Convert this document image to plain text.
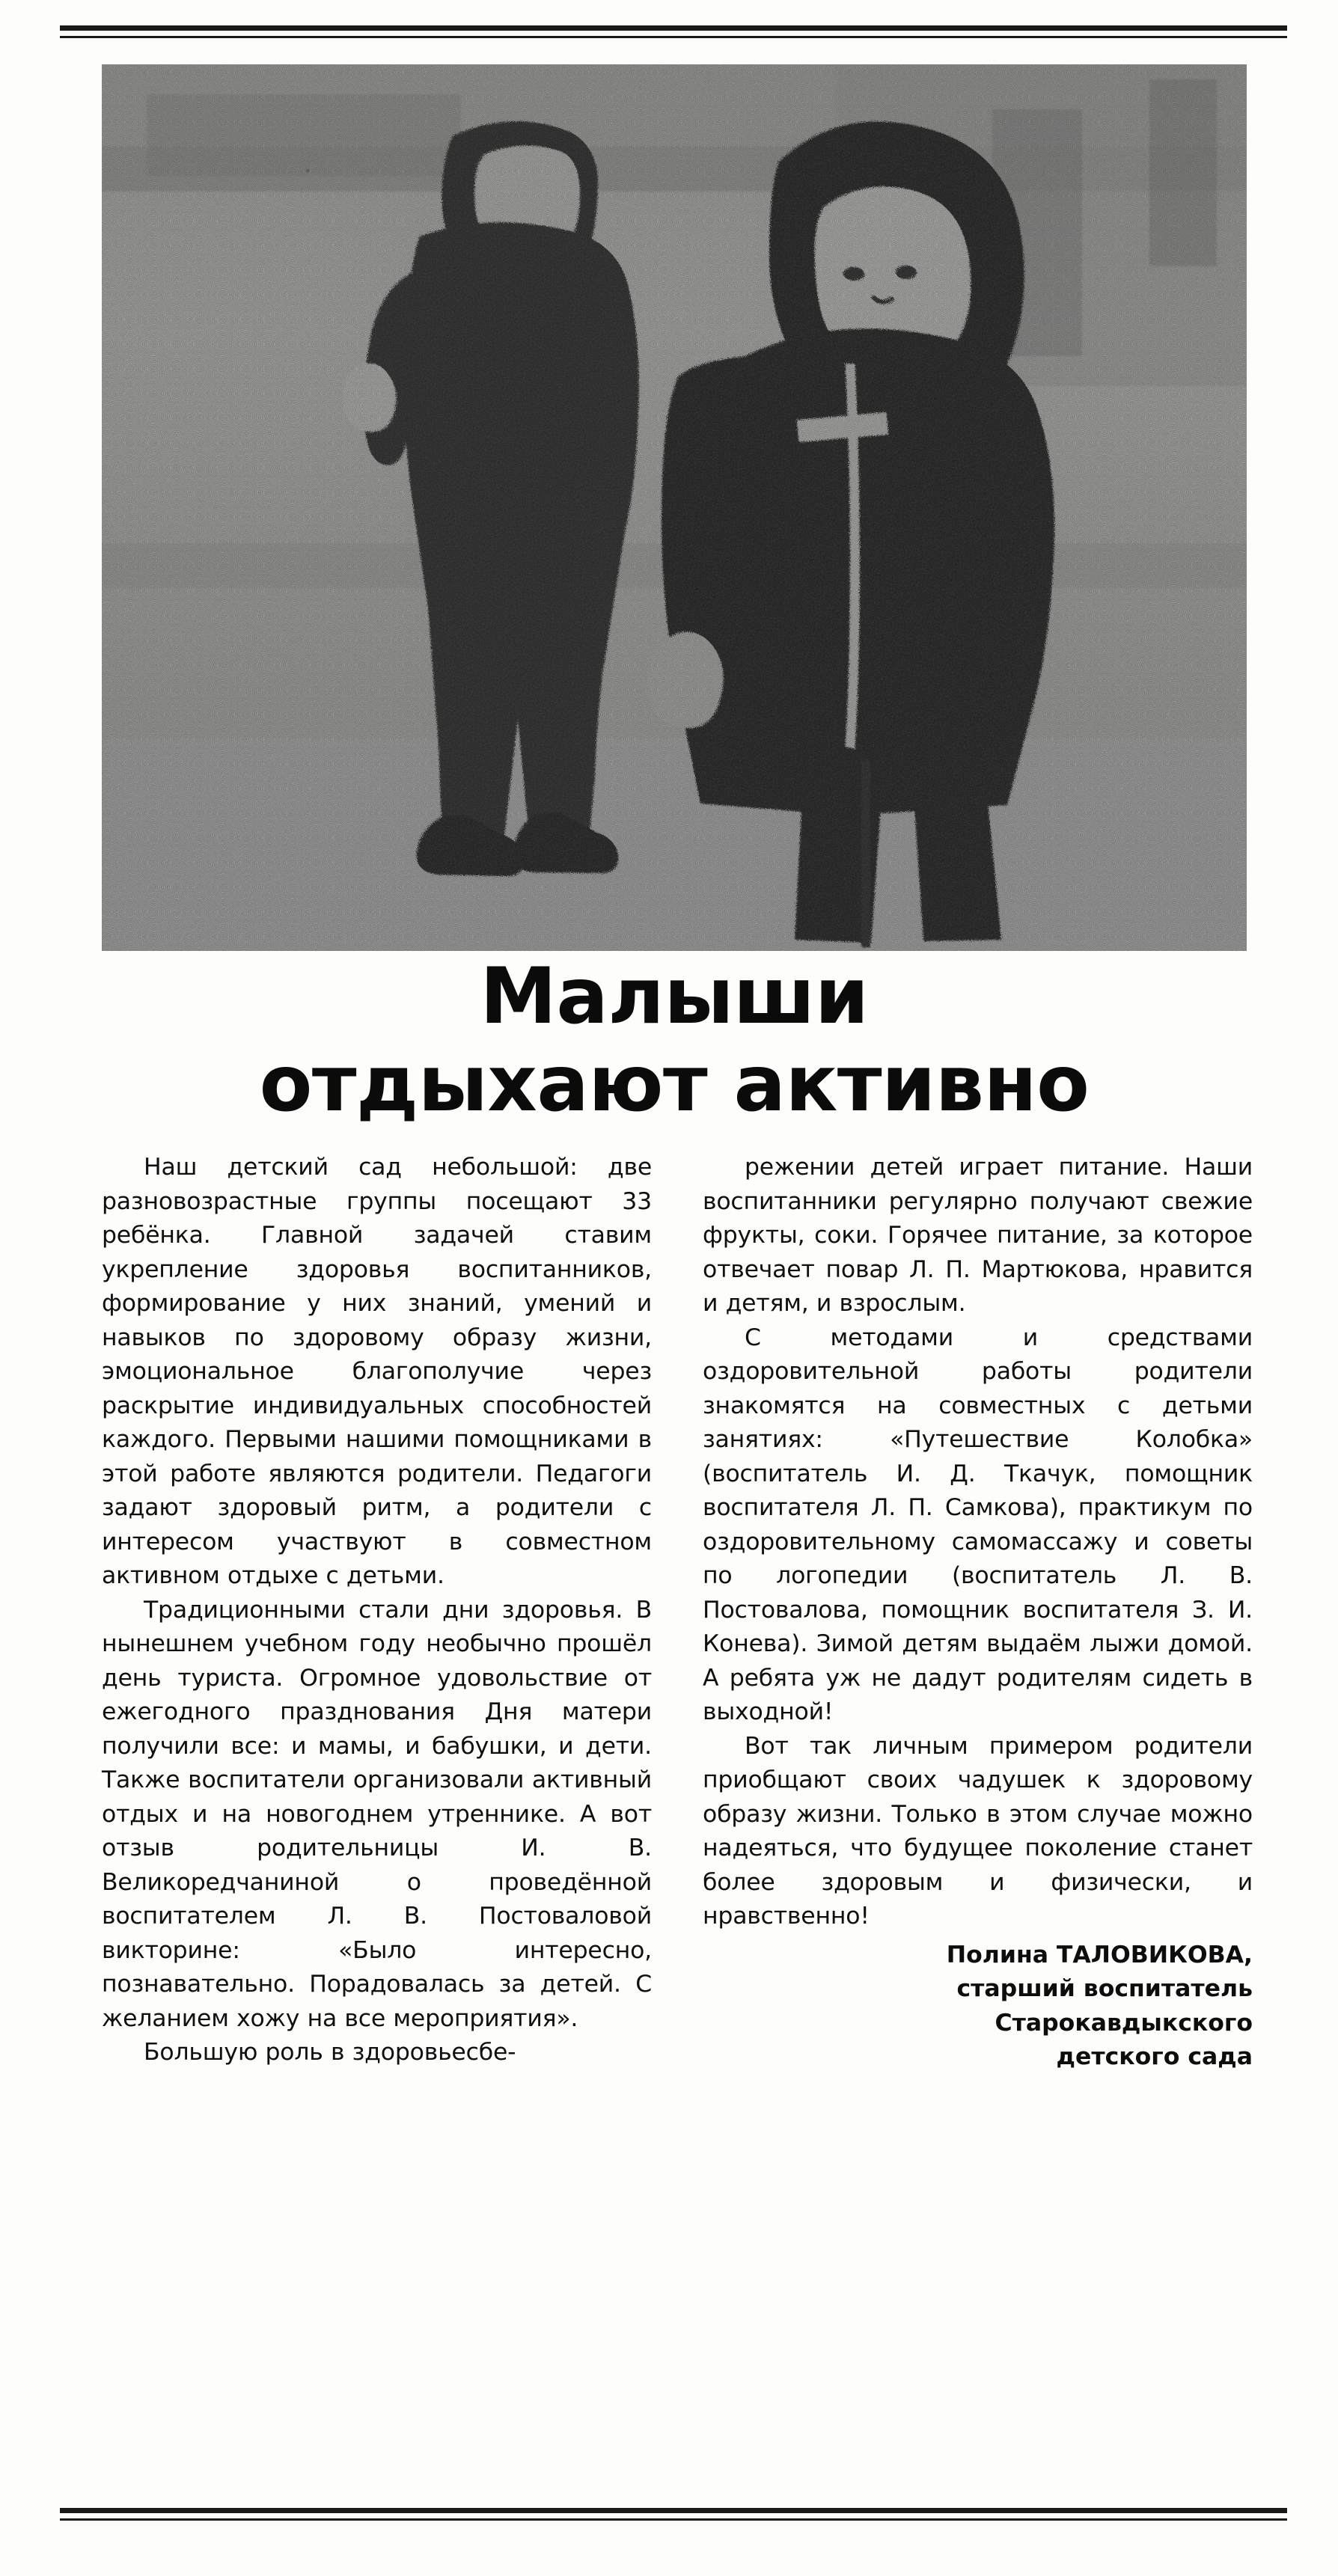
Малыши
отдыхают активно

Наш детский сад небольшой: две разновозрастные группы посещают 33 ребёнка. Главной задачей ставим укрепление здоровья воспитанников, формирование у них знаний, умений и навыков по здоровому образу жизни, эмоциональное благополучие через раскрытие индивидуальных способностей каждого. Первыми нашими помощниками в этой работе являются родители. Педагоги задают здоровый ритм, а родители с интересом участвуют в совместном активном отдыхе с детьми.

Традиционными стали дни здоровья. В нынешнем учебном году необычно прошёл день туриста. Огромное удовольствие от ежегодного празднования Дня матери получили все: и мамы, и бабушки, и дети. Также воспитатели организовали активный отдых и на новогоднем утреннике. А вот отзыв родительницы И. В. Великоредчаниной о проведённой воспитателем Л. В. Постоваловой викторине: «Было интересно, познавательно. Порадовалась за детей. С желанием хожу на все мероприятия».

Большую роль в здоровьесбе-

режении детей играет питание. Наши воспитанники регулярно получают свежие фрукты, соки. Горячее питание, за которое отвечает повар Л. П. Мартюкова, нравится и детям, и взрослым.

С методами и средствами оздоровительной работы родители знакомятся на совместных с детьми занятиях: «Путешествие Колобка» (воспитатель И. Д. Ткачук, помощник воспитателя Л. П. Самкова), практикум по оздоровительному самомассажу и советы по логопедии (воспитатель Л. В. Постовалова, помощник воспитателя З. И. Конева). Зимой детям выдаём лыжи домой. А ребята уж не дадут родителям сидеть в выходной!

Вот так личным примером родители приобщают своих чадушек к здоровому образу жизни. Только в этом случае можно надеяться, что будущее поколение станет более здоровым и физически, и нравственно!

Полина ТАЛОВИКОВА,
старший воспитатель
Старокавдыкского
детского сада
